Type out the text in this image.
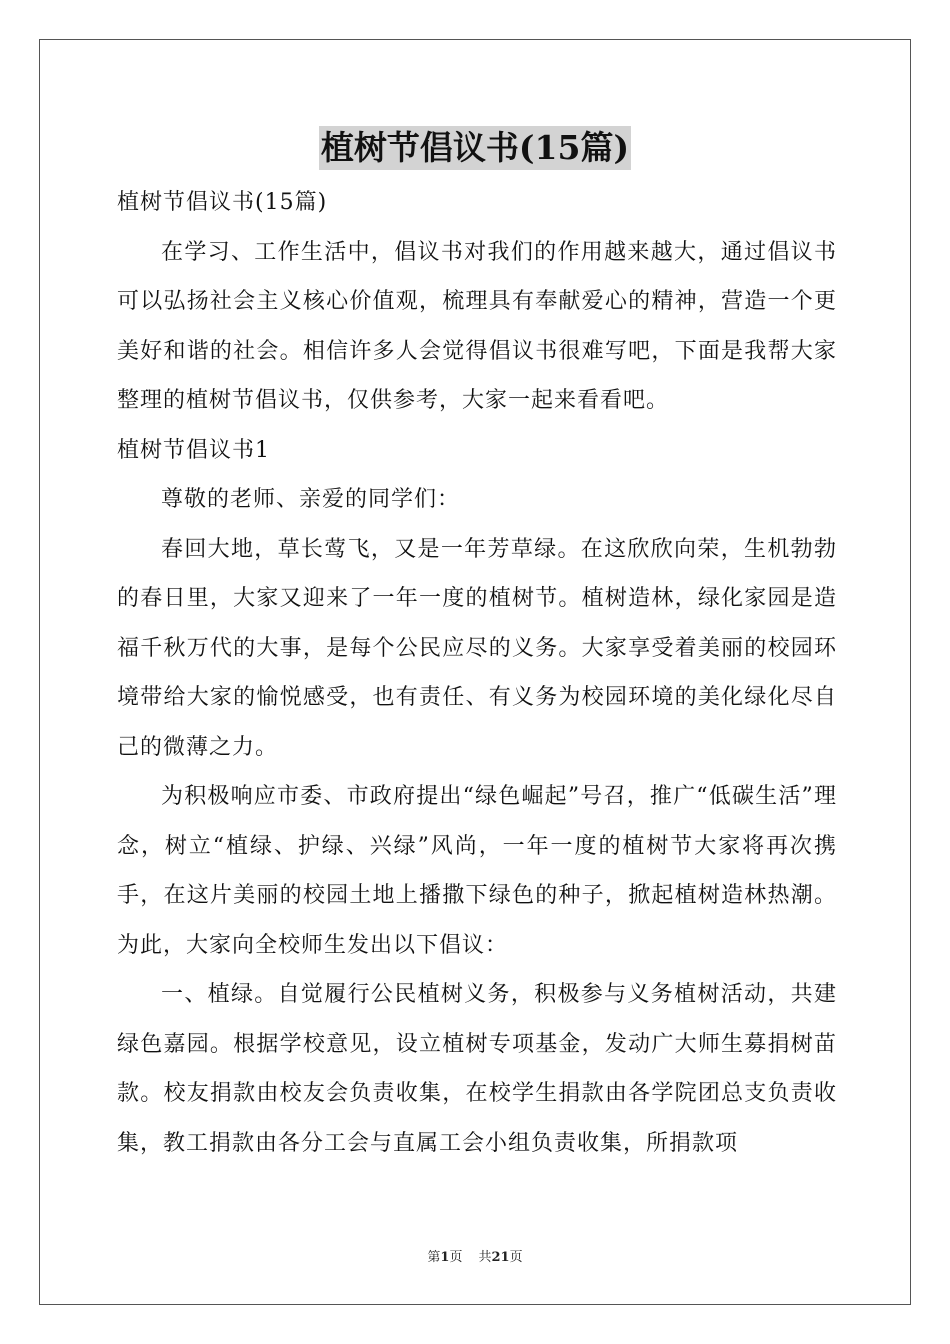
植树节倡议书(15篇)

植树节倡议书(15篇)

在学习、工作生活中，倡议书对我们的作用越来越大，通过倡议书可以弘扬社会主义核心价值观，梳理具有奉献爱心的精神，营造一个更美好和谐的社会。相信许多人会觉得倡议书很难写吧，下面是我帮大家整理的植树节倡议书，仅供参考，大家一起来看看吧。

植树节倡议书1

尊敬的老师、亲爱的同学们：

春回大地，草长莺飞，又是一年芳草绿。在这欣欣向荣，生机勃勃的春日里，大家又迎来了一年一度的植树节。植树造林，绿化家园是造福千秋万代的大事，是每个公民应尽的义务。大家享受着美丽的校园环境带给大家的愉悦感受，也有责任、有义务为校园环境的美化绿化尽自己的微薄之力。

为积极响应市委、市政府提出“绿色崛起”号召，推广“低碳生活”理念，树立“植绿、护绿、兴绿”风尚，一年一度的植树节大家将再次携手，在这片美丽的校园土地上播撒下绿色的种子，掀起植树造林热潮。为此，大家向全校师生发出以下倡议：

一、植绿。自觉履行公民植树义务，积极参与义务植树活动，共建绿色嘉园。根据学校意见，设立植树专项基金，发动广大师生募捐树苗款。校友捐款由校友会负责收集，在校学生捐款由各学院团总支负责收集，教工捐款由各分工会与直属工会小组负责收集，所捐款项

第1页 共21页
